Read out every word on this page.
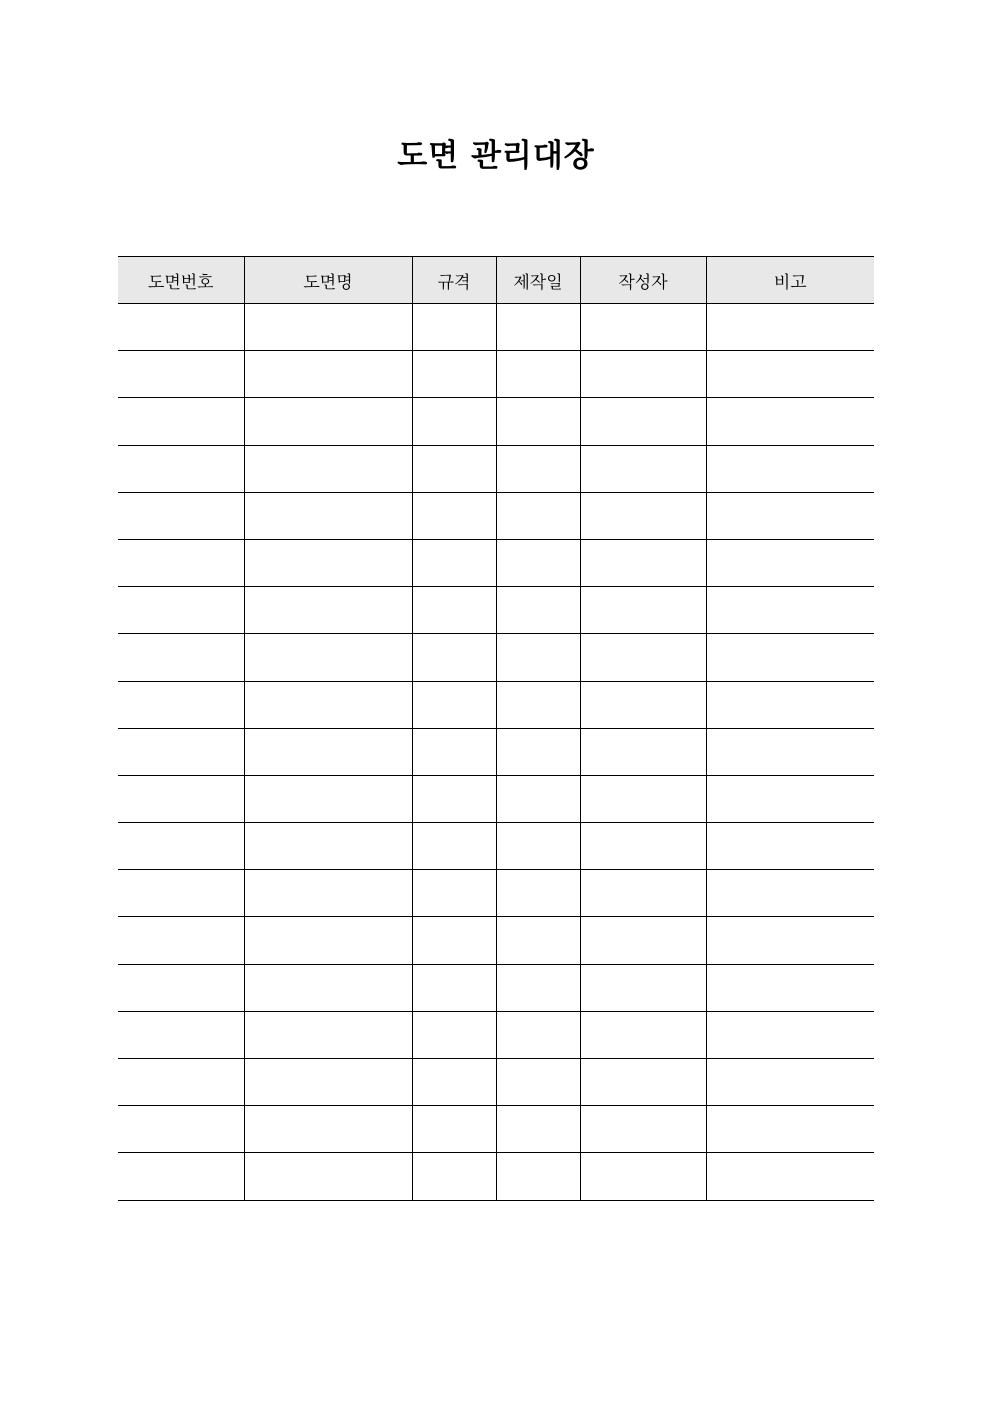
도면 관리대장
도면번호	도면명	규격	제작일	작성자	비고
